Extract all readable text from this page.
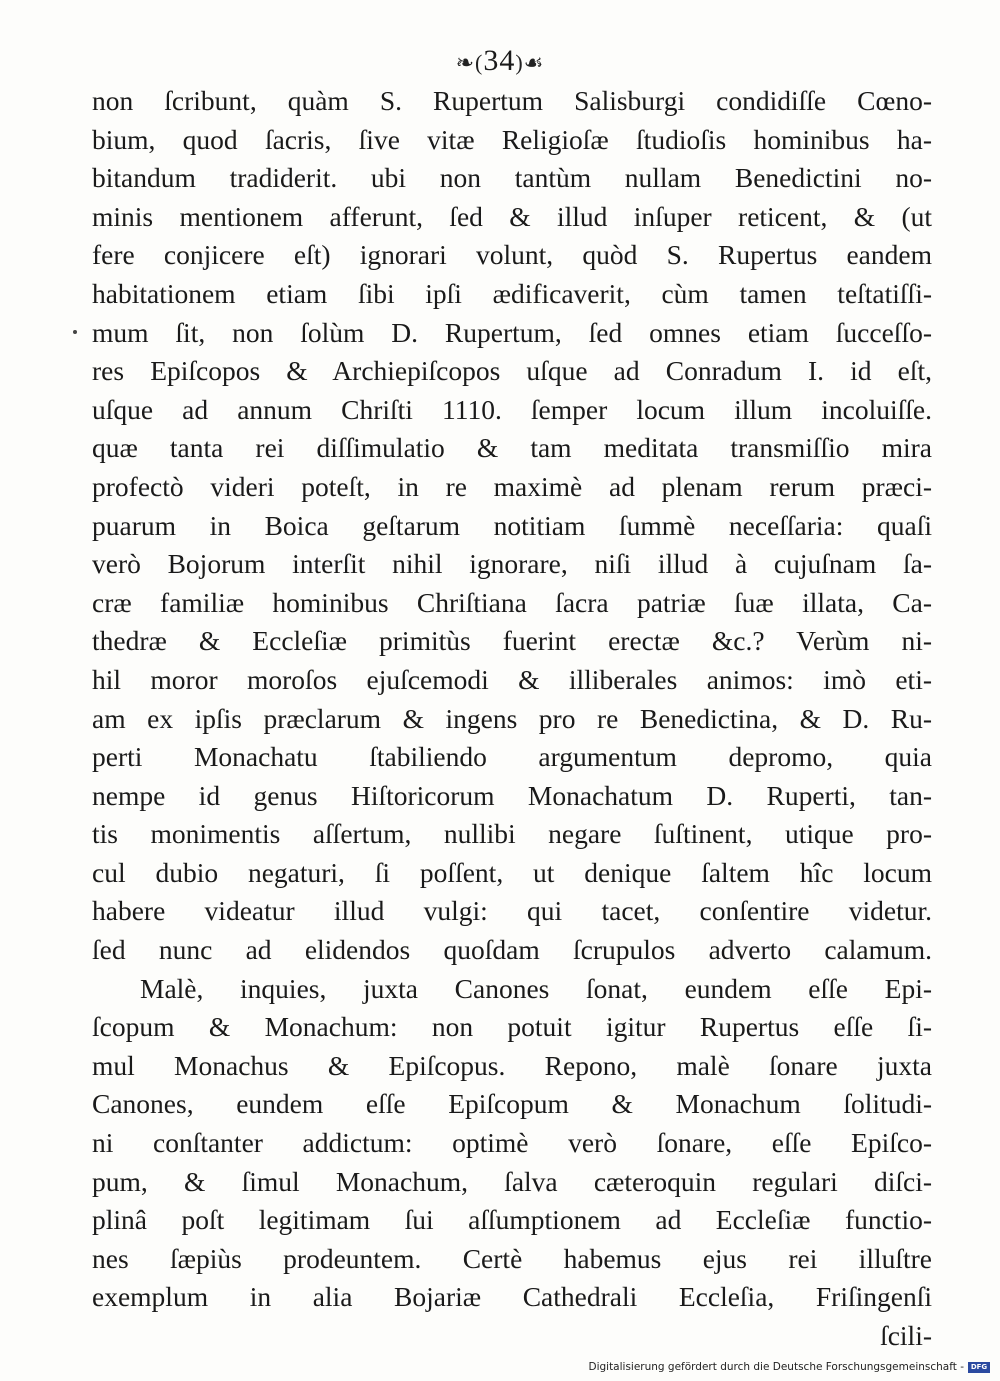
❧(34)☙
non ſcribunt, quàm S. Rupertum Salisburgi condidiſſe Cœno-
bium, quod ſacris, ſive vitæ Religioſæ ſtudioſis hominibus ha-
bitandum tradiderit. ubi non tantùm nullam Benedictini no-
minis mentionem afferunt, ſed & illud inſuper reticent, & (ut
fere conjicere eſt) ignorari volunt, quòd S. Rupertus eandem
habitationem etiam ſibi ipſi ædificaverit, cùm tamen teſtatiſſi-
mum ſit, non ſolùm D. Rupertum, ſed omnes etiam ſucceſſo-
res Epiſcopos & Archiepiſcopos uſque ad Conradum I. id eſt,
uſque ad annum Chriſti 1110. ſemper locum illum incoluiſſe.
quæ tanta rei diſſimulatio & tam meditata transmiſſio mira
profectò videri poteſt, in re maximè ad plenam rerum præci-
puarum in Boica geſtarum notitiam ſummè neceſſaria: quaſi
verò Bojorum interſit nihil ignorare, niſi illud à cujuſnam ſa-
cræ familiæ hominibus Chriſtiana ſacra patriæ ſuæ illata, Ca-
thedræ & Eccleſiæ primitùs fuerint erectæ &c.? Verùm ni-
hil moror moroſos ejuſcemodi & illiberales animos: imò eti-
am ex ipſis præclarum & ingens pro re Benedictina, & D. Ru-
perti Monachatu ſtabiliendo argumentum depromo, quia
nempe id genus Hiſtoricorum Monachatum D. Ruperti, tan-
tis monimentis aſſertum, nullibi negare ſuſtinent, utique pro-
cul dubio negaturi, ſi poſſent, ut denique ſaltem hîc locum
habere videatur illud vulgi: qui tacet, conſentire videtur.
ſed nunc ad elidendos quoſdam ſcrupulos adverto calamum.
Malè, inquies, juxta Canones ſonat, eundem eſſe Epi-
ſcopum & Monachum: non potuit igitur Rupertus eſſe ſi-
mul Monachus & Epiſcopus. Repono, malè ſonare juxta
Canones, eundem eſſe Epiſcopum & Monachum ſolitudi-
ni conſtanter addictum: optimè verò ſonare, eſſe Epiſco-
pum, & ſimul Monachum, ſalva cæteroquin regulari diſci-
plinâ poſt legitimam ſui aſſumptionem ad Eccleſiæ functio-
nes ſæpiùs prodeuntem. Certè habemus ejus rei illuſtre
exemplum in alia Bojariæ Cathedrali Eccleſia, Friſingenſi
ſcili-
Digitalisierung gefördert durch die Deutsche Forschungsgemeinschaft - DFG
